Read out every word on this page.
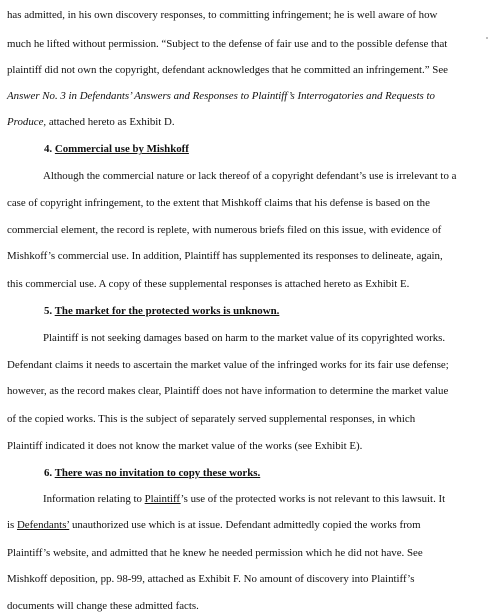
has admitted, in his own discovery responses, to committing infringement; he is well aware of how
much he lifted without permission. “Subject to the defense of fair use and to the possible defense that
plaintiff did not own the copyright, defendant acknowledges that he committed an infringement.” See
Answer No. 3 in Defendants’ Answers and Responses to Plaintiff’s Interrogatories and Requests to
Produce, attached hereto as Exhibit D.
4. Commercial use by Mishkoff
Although the commercial nature or lack thereof of a copyright defendant’s use is irrelevant to a
case of copyright infringement, to the extent that Mishkoff claims that his defense is based on the
commercial element, the record is replete, with numerous briefs filed on this issue, with evidence of
Mishkoff’s commercial use. In addition, Plaintiff has supplemented its responses to delineate, again,
this commercial use. A copy of these supplemental responses is attached hereto as Exhibit E.
5. The market for the protected works is unknown.
Plaintiff is not seeking damages based on harm to the market value of its copyrighted works.
Defendant claims it needs to ascertain the market value of the infringed works for its fair use defense;
however, as the record makes clear, Plaintiff does not have information to determine the market value
of the copied works. This is the subject of separately served supplemental responses, in which
Plaintiff indicated it does not know the market value of the works (see Exhibit E).
6. There was no invitation to copy these works.
Information relating to Plaintiff’s use of the protected works is not relevant to this lawsuit. It
is Defendants’ unauthorized use which is at issue. Defendant admittedly copied the works from
Plaintiff’s website, and admitted that he knew he needed permission which he did not have. See
Mishkoff deposition, pp. 98-99, attached as Exhibit F. No amount of discovery into Plaintiff’s
documents will change these admitted facts.
